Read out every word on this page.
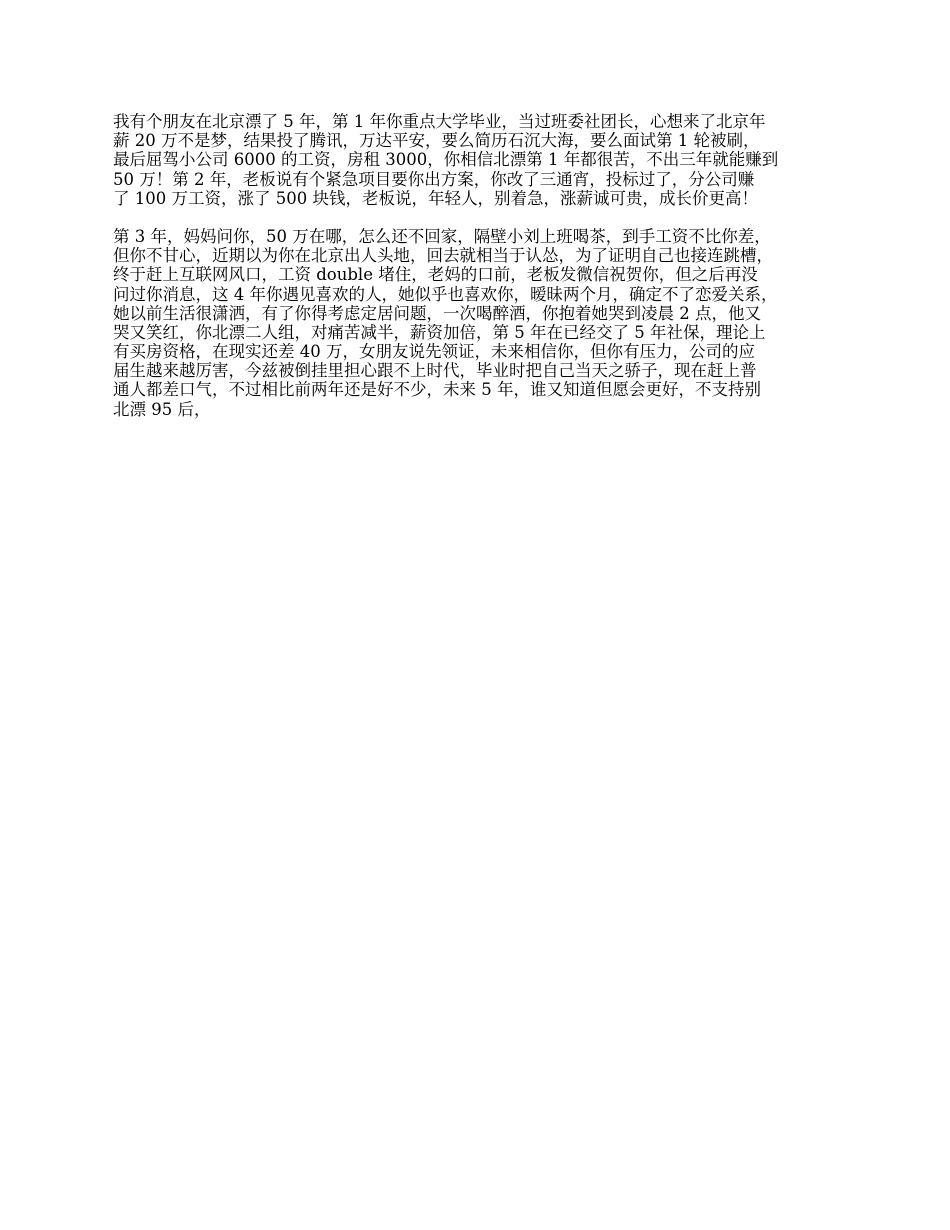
我有个朋友在北京漂了 5 年，第 1 年你重点大学毕业，当过班委社团长，心想来了北京年
薪 20 万不是梦，结果投了腾讯，万达平安，要么简历石沉大海，要么面试第 1 轮被刷，
最后屈驾小公司 6000 的工资，房租 3000，你相信北漂第 1 年都很苦，不出三年就能赚到
50 万！第 2 年，老板说有个紧急项目要你出方案，你改了三通宵，投标过了，分公司赚
了 100 万工资，涨了 500 块钱，老板说，年轻人，别着急，涨薪诚可贵，成长价更高！

第 3 年，妈妈问你，50 万在哪，怎么还不回家，隔壁小刘上班喝茶，到手工资不比你差，
但你不甘心，近期以为你在北京出人头地，回去就相当于认怂，为了证明自己也接连跳槽，
终于赶上互联网风口，工资 double 堵住，老妈的口前，老板发微信祝贺你，但之后再没
问过你消息，这 4 年你遇见喜欢的人，她似乎也喜欢你，暧昧两个月，确定不了恋爱关系，
她以前生活很潇洒，有了你得考虑定居问题，一次喝醉酒，你抱着她哭到凌晨 2 点，他又
哭又笑红，你北漂二人组，对痛苦减半，薪资加倍，第 5 年在已经交了 5 年社保，理论上
有买房资格，在现实还差 40 万，女朋友说先领证，未来相信你，但你有压力，公司的应
届生越来越厉害，今兹被倒挂里担心跟不上时代，毕业时把自己当天之骄子，现在赶上普
通人都差口气，不过相比前两年还是好不少，未来 5 年，谁又知道但愿会更好，不支持别
北漂 95 后，
